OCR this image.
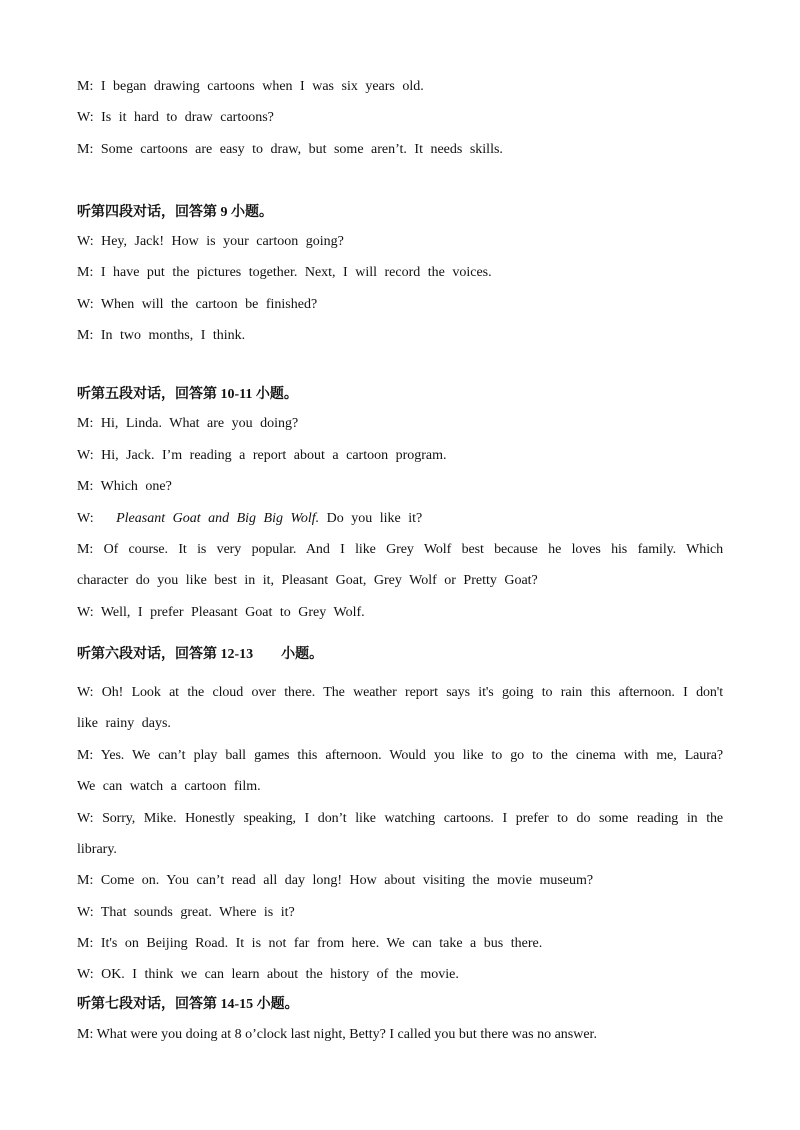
M: I began drawing cartoons when I was six years old.
W: Is it hard to draw cartoons?
M: Some cartoons are easy to draw, but some aren’t. It needs skills.
听第四段对话，回答第 9 小题。
W: Hey, Jack! How is your cartoon going?
M: I have put the pictures together. Next, I will record the voices.
W: When will the cartoon be finished?
M: In two months, I think.
听第五段对话，回答第 10-11 小题。
M: Hi, Linda. What are you doing?
W: Hi, Jack. I’m reading a report about a cartoon program.
M: Which one?
W: Pleasant Goat and Big Big Wolf. Do you like it?
M: Of course. It is very popular. And I like Grey Wolf best because he loves his family. Which
character do you like best in it, Pleasant Goat, Grey Wolf or Pretty Goat?
W: Well, I prefer Pleasant Goat to Grey Wolf.
听第六段对话，回答第 12-13　　小题。
W: Oh! Look at the cloud over there. The weather report says it's going to rain this afternoon. I don't
like rainy days.
M: Yes. We can’t play ball games this afternoon. Would you like to go to the cinema with me, Laura?
We can watch a cartoon film.
W: Sorry, Mike. Honestly speaking, I don’t like watching cartoons. I prefer to do some reading in the
library.
M: Come on. You can’t read all day long! How about visiting the movie museum?
W: That sounds great. Where is it?
M: It's on Beijing Road. It is not far from here. We can take a bus there.
W: OK. I think we can learn about the history of the movie.
听第七段对话，回答第 14-15 小题。
M: What were you doing at 8 o’clock last night, Betty? I called you but there was no answer.
